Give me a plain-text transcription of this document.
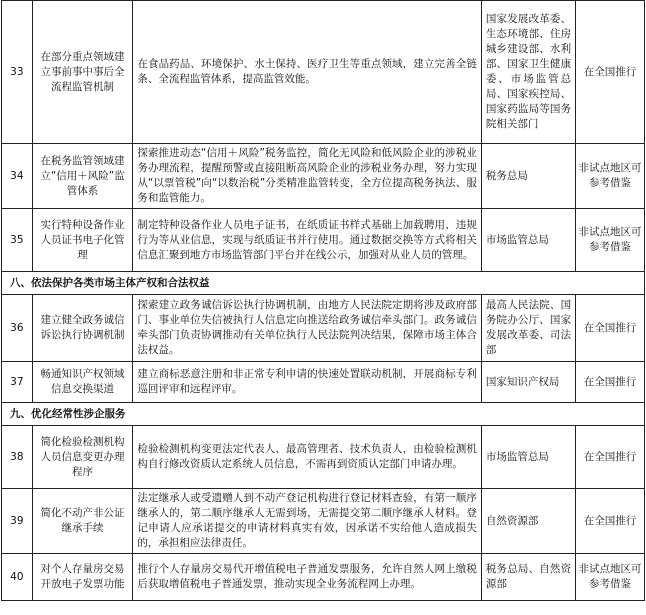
33	在部分重点领域建立事前事中事后全流程监管机制	在食品药品、环境保护、水土保持、医疗卫生等重点领域，建立完善全链条、全流程监管体系，提高监管效能。	国家发展改革委、生态环境部、住房城乡建设部、水利部、国家卫生健康委、市场监管总局、国家疾控局、国家药监局等国务院相关部门	在全国推行
34	在税务监管领域建立“信用＋风险”监管体系	探索推进动态“信用＋风险”税务监控，简化无风险和低风险企业的涉税业务办理流程，提醒预警或直接阻断高风险企业的涉税业务办理，努力实现从“以票管税”向“以数治税”分类精准监管转变，全方位提高税务执法、服务和监管能力。	税务总局	非试点地区可参考借鉴
35	实行特种设备作业人员证书电子化管理	制定特种设备作业人员电子证书，在纸质证书样式基础上加载聘用、违规行为等从业信息，实现与纸质证书并行使用。通过数据交换等方式将相关信息汇聚到地方市场监管部门平台并在线公示，加强对从业人员的管理。	市场监管总局	非试点地区可参考借鉴
八、依法保护各类市场主体产权和合法权益				
36	建立健全政务诚信诉讼执行协调机制	探索建立政务诚信诉讼执行协调机制，由地方人民法院定期将涉及政府部门、事业单位失信被执行人信息定向推送给政务诚信牵头部门。政务诚信牵头部门负责协调推动有关单位执行人民法院判决结果，保障市场主体合法权益。	最高人民法院、国务院办公厅、国家发展改革委、司法部	在全国推行
37	畅通知识产权领域信息交换渠道	建立商标恶意注册和非正常专利申请的快速处置联动机制，开展商标专利巡回评审和远程评审。	国家知识产权局	在全国推行
九、优化经常性涉企服务				
38	简化检验检测机构人员信息变更办理程序	检验检测机构变更法定代表人、最高管理者、技术负责人，由检验检测机构自行修改资质认定系统人员信息，不需再到资质认定部门申请办理。	市场监管总局	在全国推行
39	简化不动产非公证继承手续	法定继承人或受遗赠人到不动产登记机构进行登记材料查验，有第一顺序继承人的，第二顺序继承人无需到场，无需提交第二顺序继承人材料。登记申请人应承诺提交的申请材料真实有效，因承诺不实给他人造成损失的，承担相应法律责任。	自然资源部	在全国推行
40	对个人存量房交易开放电子发票功能	推行个人存量房交易代开增值税电子普通发票服务，允许自然人网上缴税后获取增值税电子普通发票，推动实现全业务流程网上办理。	税务总局、自然资源部	非试点地区可参考借鉴
